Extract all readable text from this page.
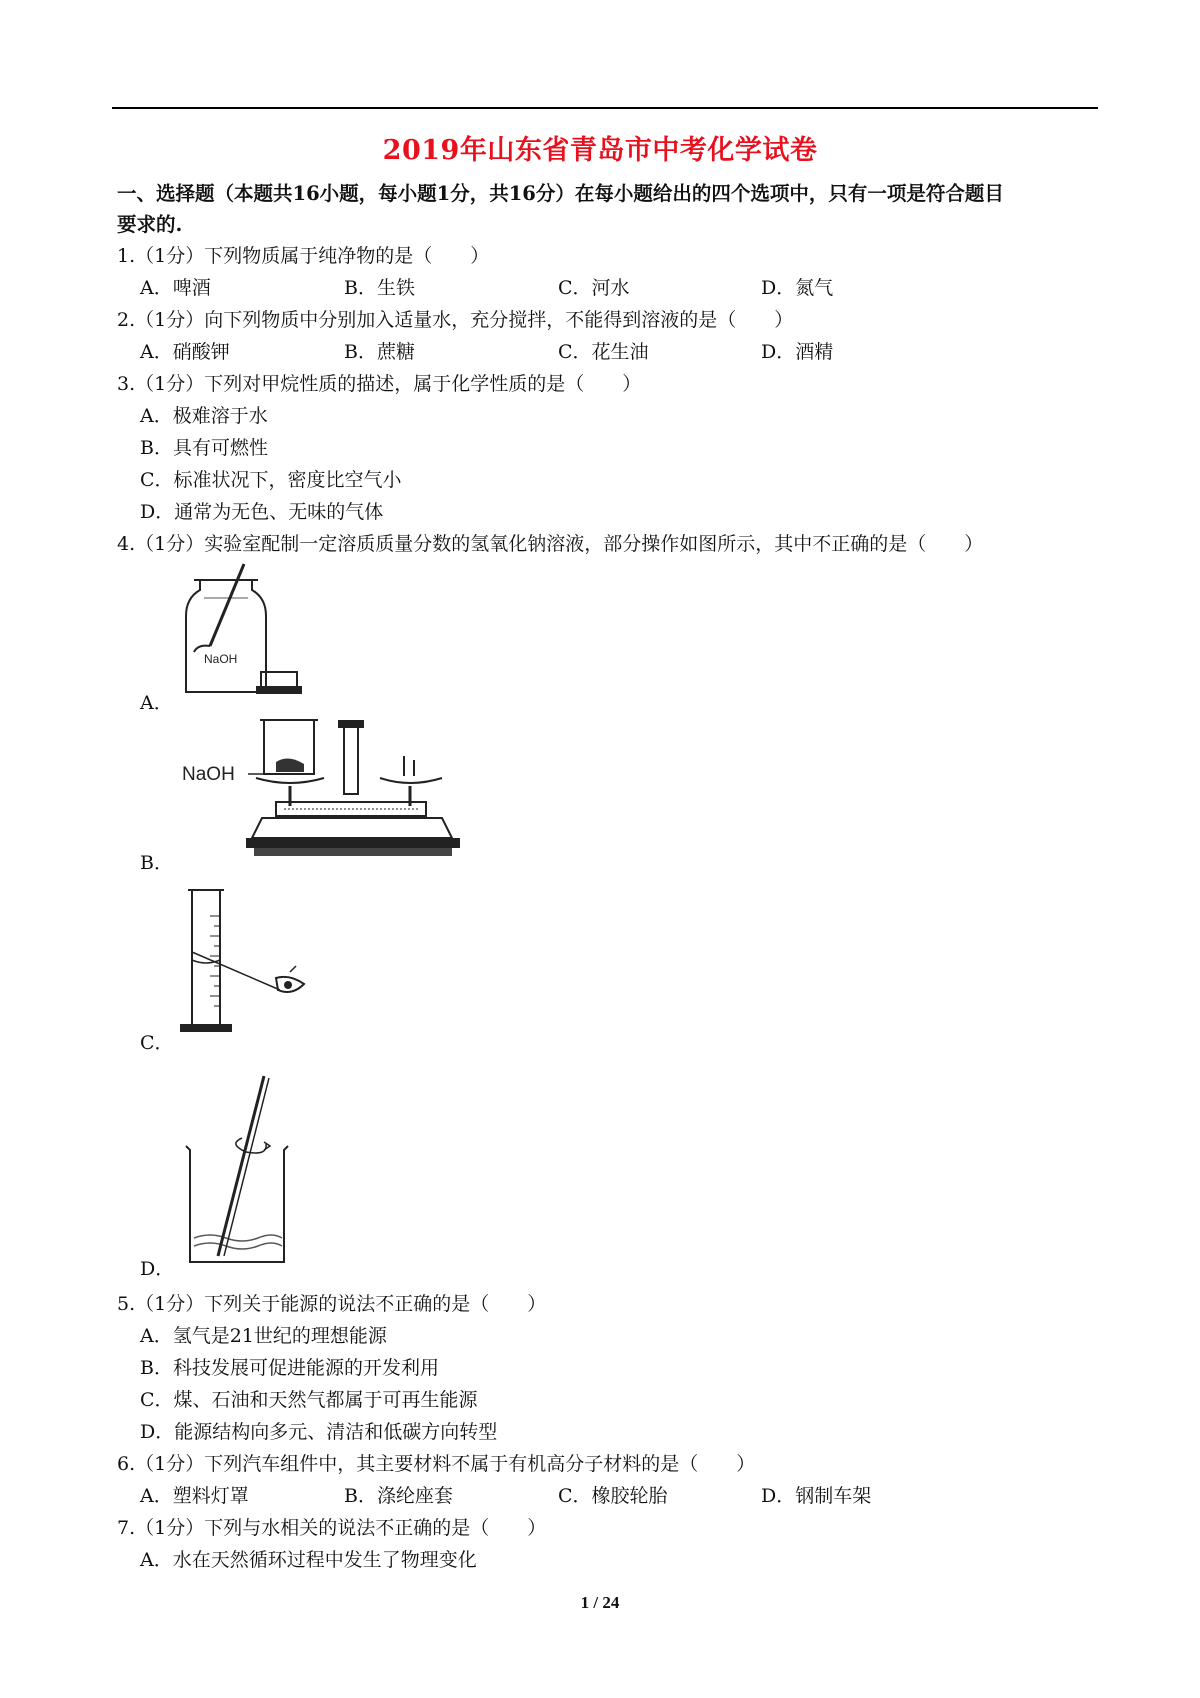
2019年山东省青岛市中考化学试卷
一、选择题（本题共16小题，每小题1分，共16分）在每小题给出的四个选项中，只有一项是符合题目
要求的.
1.（1分）下列物质属于纯净物的是（　　）
A．啤酒	B．生铁	C．河水	D．氮气
2.（1分）向下列物质中分别加入适量水，充分搅拌，不能得到溶液的是（　　）
A．硝酸钾	B．蔗糖	C．花生油	D．酒精
3.（1分）下列对甲烷性质的描述，属于化学性质的是（　　）
A．极难溶于水
B．具有可燃性
C．标准状况下，密度比空气小
D．通常为无色、无味的气体
4.（1分）实验室配制一定溶质质量分数的氢氧化钠溶液，部分操作如图所示，其中不正确的是（　　）
NaOH
A．
NaOH
B．
C．
D．
5.（1分）下列关于能源的说法不正确的是（　　）
A．氢气是21世纪的理想能源
B．科技发展可促进能源的开发利用
C．煤、石油和天然气都属于可再生能源
D．能源结构向多元、清洁和低碳方向转型
6.（1分）下列汽车组件中，其主要材料不属于有机高分子材料的是（　　）
A．塑料灯罩	B．涤纶座套	C．橡胶轮胎	D．钢制车架
7.（1分）下列与水相关的说法不正确的是（　　）
A．水在天然循环过程中发生了物理变化
1 / 24
